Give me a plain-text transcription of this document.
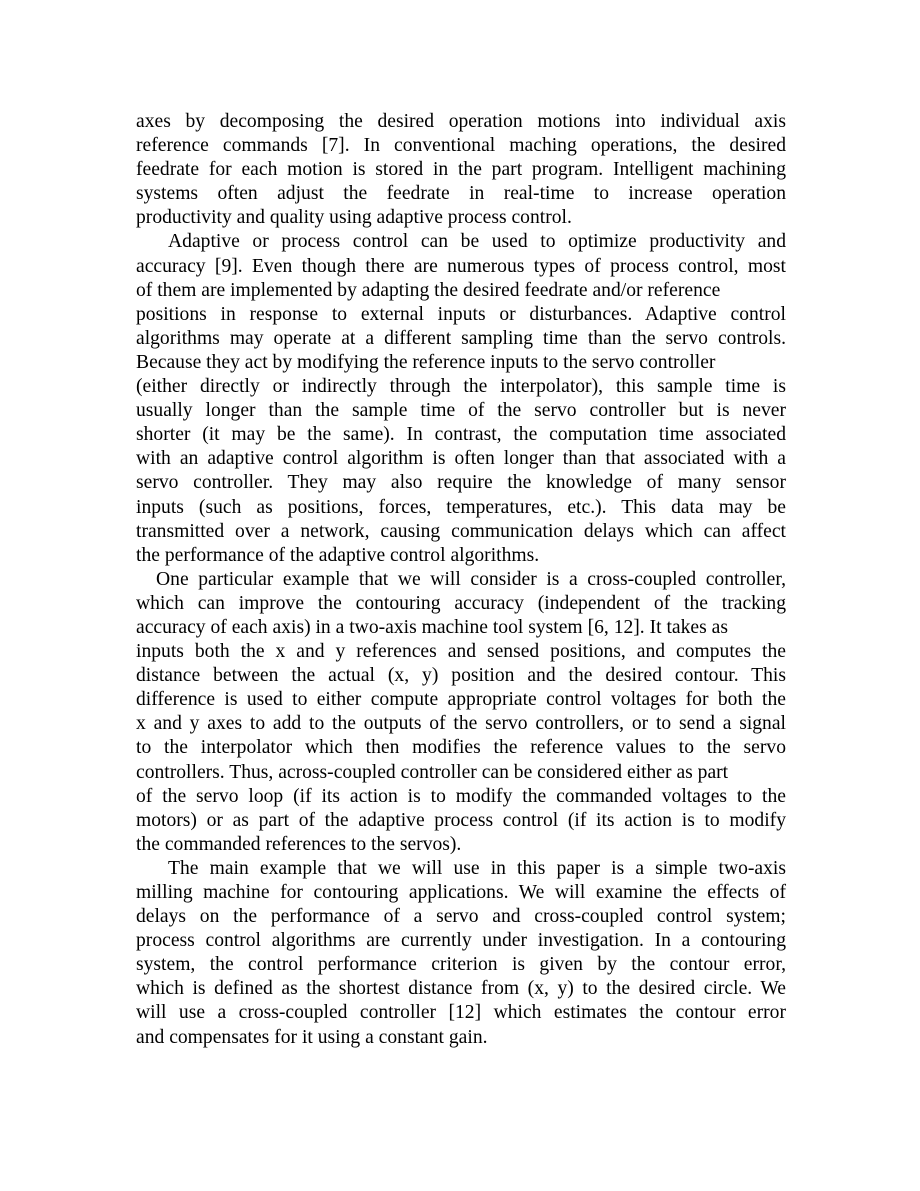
axes by decomposing the desired operation motions into individual axis
reference commands [7]. In conventional maching operations, the desired
feedrate for each motion is stored in the part program. Intelligent machining
systems often adjust the feedrate in real-time to increase operation
productivity and quality using adaptive process control.

Adaptive or process control can be used to optimize productivity and
accuracy [9]. Even though there are numerous types of process control, most
of them are implemented by adapting the desired feedrate and/or reference
positions in response to external inputs or disturbances. Adaptive control
algorithms may operate at a different sampling time than the servo controls.
Because they act by modifying the reference inputs to the servo controller
(either directly or indirectly through the interpolator), this sample time is
usually longer than the sample time of the servo controller but is never
shorter (it may be the same). In contrast, the computation time associated
with an adaptive control algorithm is often longer than that associated with a
servo controller. They may also require the knowledge of many sensor
inputs (such as positions, forces, temperatures, etc.). This data may be
transmitted over a network, causing communication delays which can affect
the performance of the adaptive control algorithms.

One particular example that we will consider is a cross-coupled controller,
which can improve the contouring accuracy (independent of the tracking
accuracy of each axis) in a two-axis machine tool system [6, 12]. It takes as
inputs both the x and y references and sensed positions, and computes the
distance between the actual (x, y) position and the desired contour. This
difference is used to either compute appropriate control voltages for both the
x and y axes to add to the outputs of the servo controllers, or to send a signal
to the interpolator which then modifies the reference values to the servo
controllers. Thus, across-coupled controller can be considered either as part
of the servo loop (if its action is to modify the commanded voltages to the
motors) or as part of the adaptive process control (if its action is to modify
the commanded references to the servos).

The main example that we will use in this paper is a simple two-axis
milling machine for contouring applications. We will examine the effects of
delays on the performance of a servo and cross-coupled control system;
process control algorithms are currently under investigation. In a contouring
system, the control performance criterion is given by the contour error,
which is defined as the shortest distance from (x, y) to the desired circle. We
will use a cross-coupled controller [12] which estimates the contour error
and compensates for it using a constant gain.
